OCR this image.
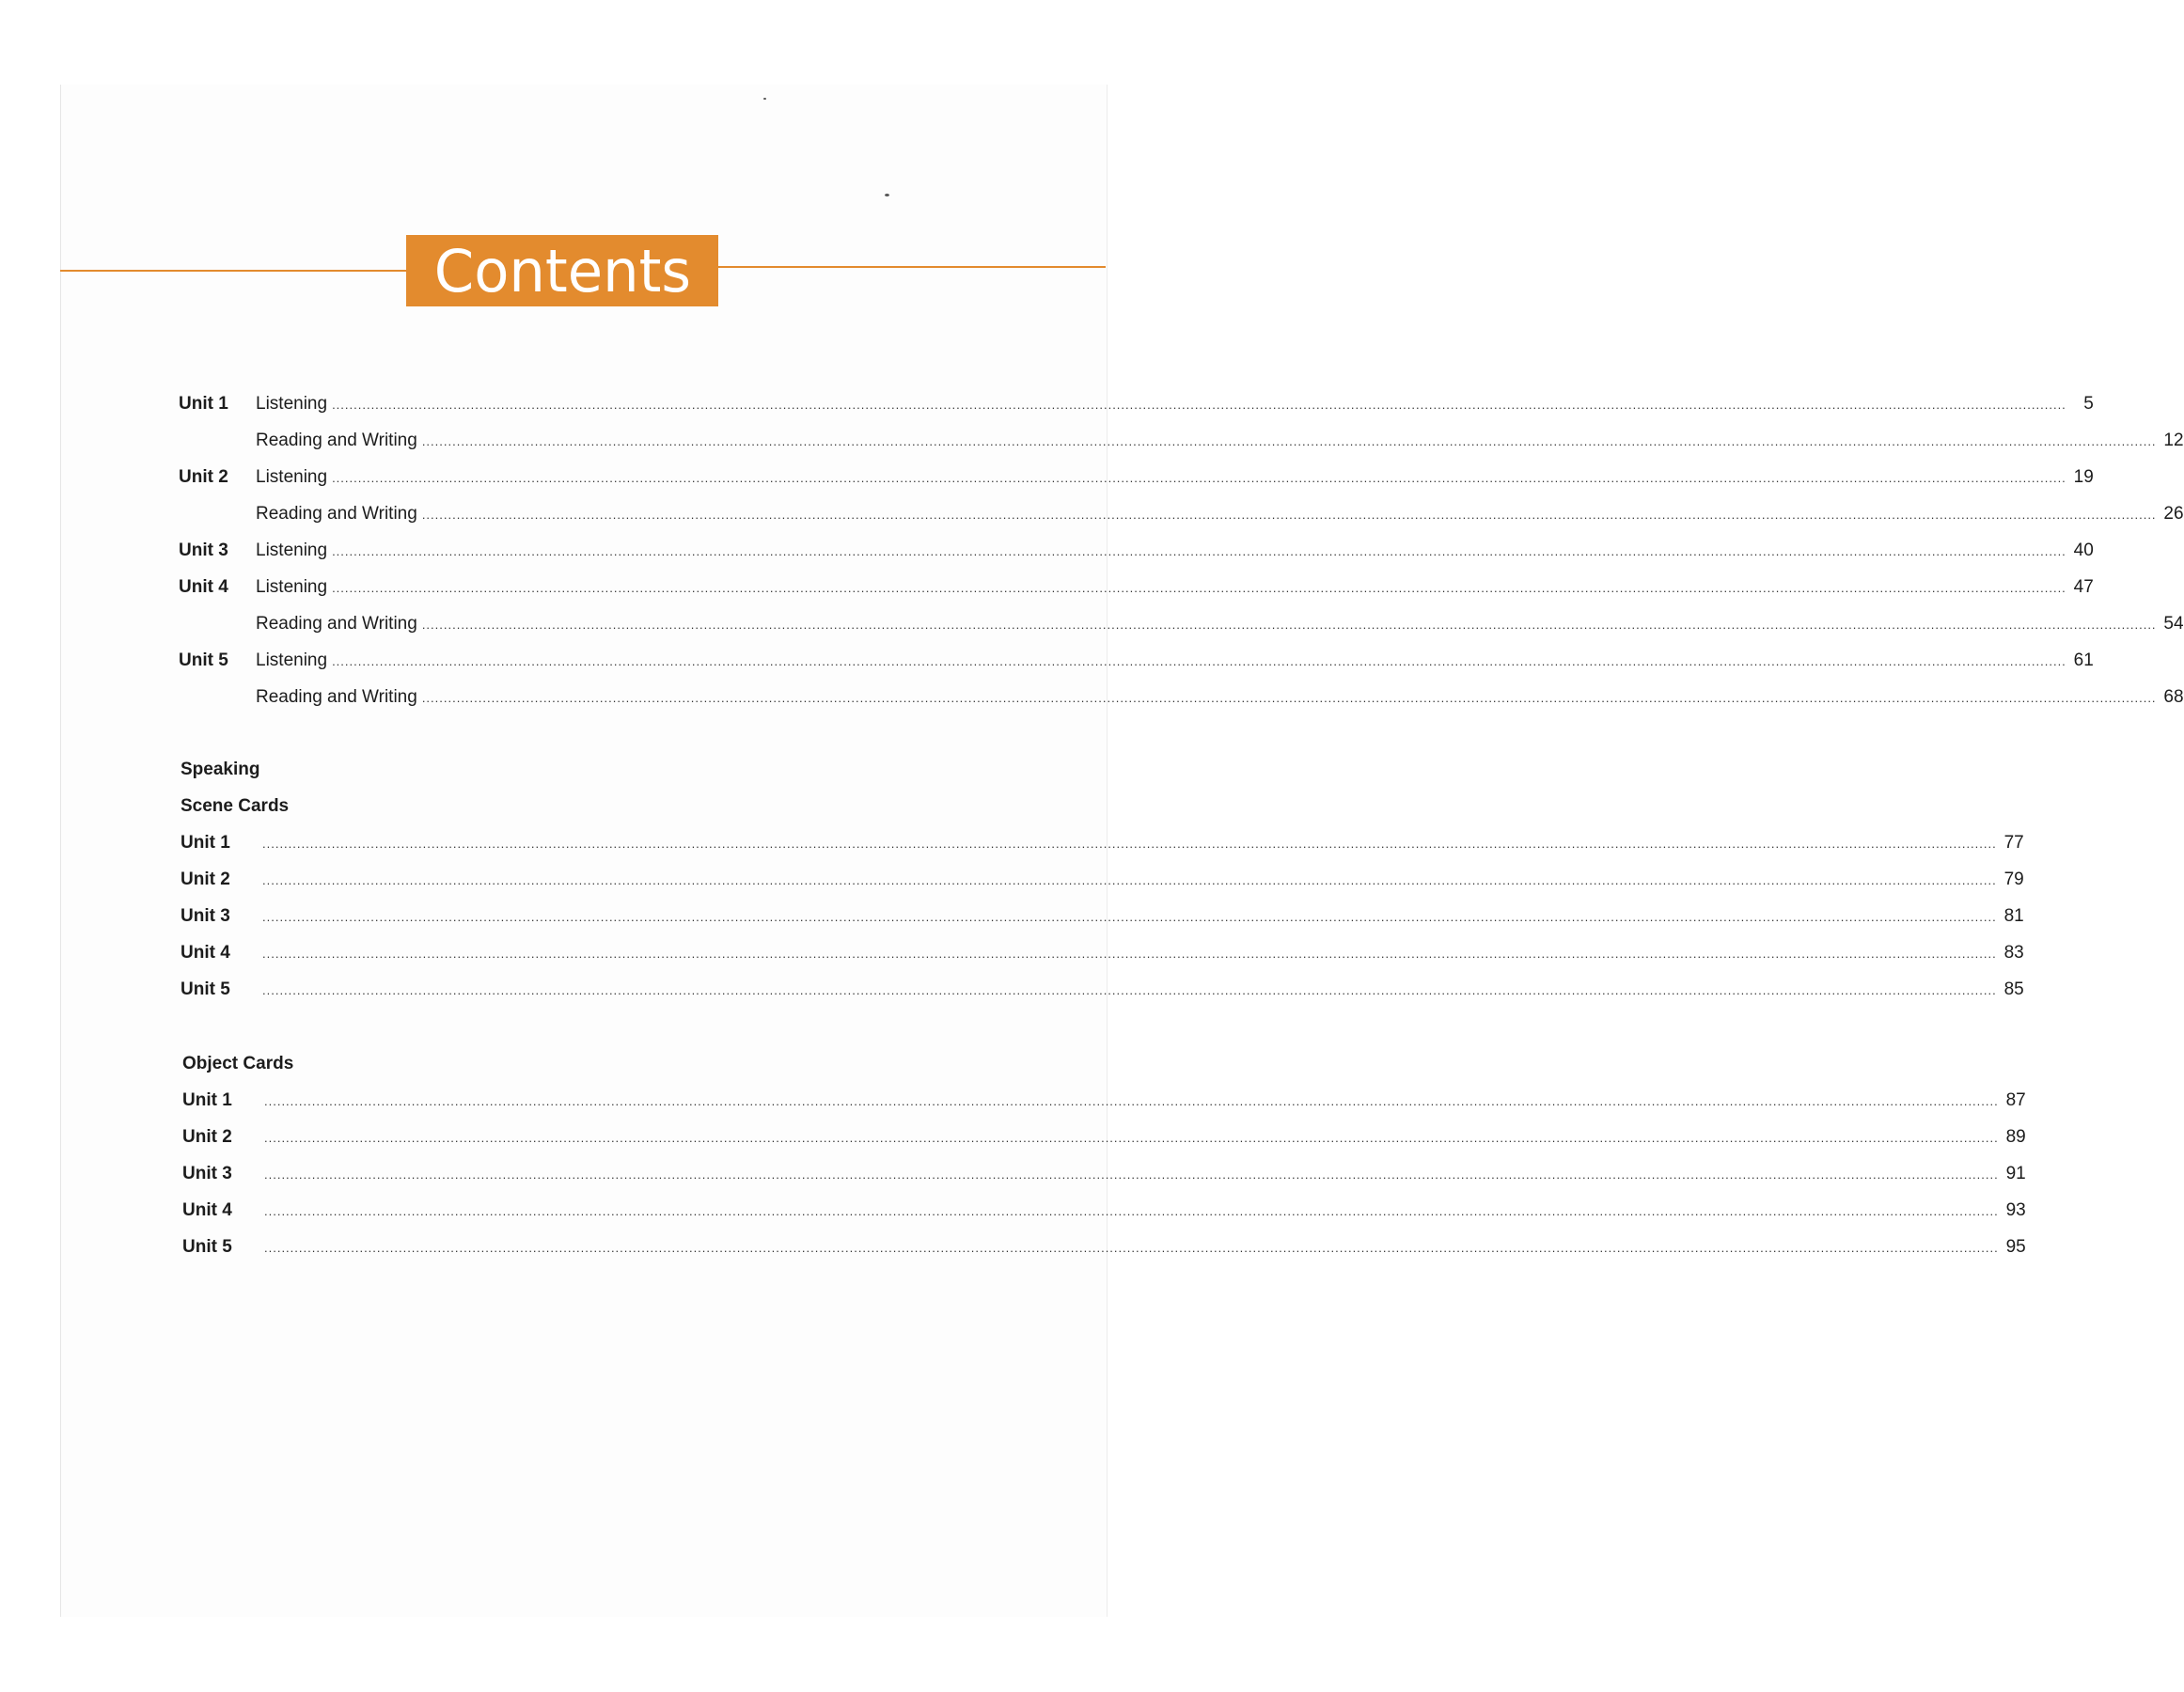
Contents
Unit 1	Listening ................................................................................................................................................................................................................................................................................................................................................................................................................ 5
Reading and Writing ................................................................................................................................................................................................................................................................................................................................................................................................................ 12
Unit 2	Listening ................................................................................................................................................................................................................................................................................................................................................................................................................ 19
Reading and Writing ................................................................................................................................................................................................................................................................................................................................................................................................................ 26
Unit 3	Listening ................................................................................................................................................................................................................................................................................................................................................................................................................ 40
Unit 4	Listening ................................................................................................................................................................................................................................................................................................................................................................................................................ 47
Reading and Writing ................................................................................................................................................................................................................................................................................................................................................................................................................ 54
Unit 5	Listening ................................................................................................................................................................................................................................................................................................................................................................................................................ 61
Reading and Writing ................................................................................................................................................................................................................................................................................................................................................................................................................ 68
Speaking
Scene Cards
Unit 1	................................................................................................................................................................................................................................................................................................................................................................................................................ 77
Unit 2	................................................................................................................................................................................................................................................................................................................................................................................................................ 79
Unit 3	................................................................................................................................................................................................................................................................................................................................................................................................................ 81
Unit 4	................................................................................................................................................................................................................................................................................................................................................................................................................ 83
Unit 5	................................................................................................................................................................................................................................................................................................................................................................................................................ 85
Object Cards
Unit 1	................................................................................................................................................................................................................................................................................................................................................................................................................ 87
Unit 2	................................................................................................................................................................................................................................................................................................................................................................................................................ 89
Unit 3	................................................................................................................................................................................................................................................................................................................................................................................................................ 91
Unit 4	................................................................................................................................................................................................................................................................................................................................................................................................................ 93
Unit 5	................................................................................................................................................................................................................................................................................................................................................................................................................ 95
